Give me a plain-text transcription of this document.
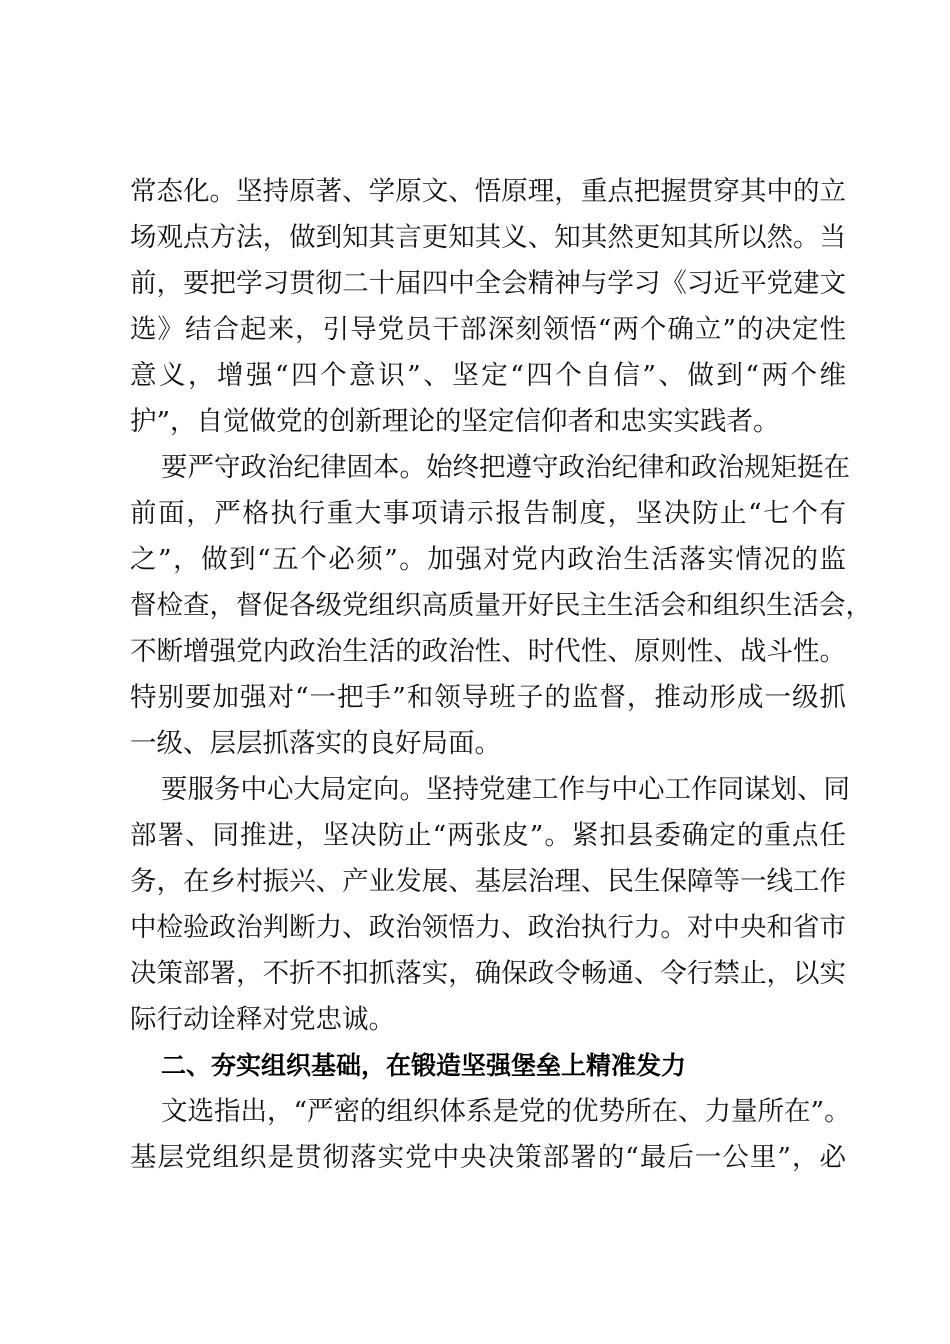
常态化。坚持原著、学原文、悟原理，重点把握贯穿其中的立
场观点方法，做到知其言更知其义、知其然更知其所以然。当
前，要把学习贯彻二十届四中全会精神与学习《习近平党建文
选》结合起来，引导党员干部深刻领悟“两个确立”的决定性
意义，增强“四个意识”、坚定“四个自信”、做到“两个维
护”，自觉做党的创新理论的坚定信仰者和忠实实践者。
要严守政治纪律固本。始终把遵守政治纪律和政治规矩挺在
前面，严格执行重大事项请示报告制度，坚决防止“七个有
之”，做到“五个必须”。加强对党内政治生活落实情况的监
督检查，督促各级党组织高质量开好民主生活会和组织生活会，
不断增强党内政治生活的政治性、时代性、原则性、战斗性。
特别要加强对“一把手”和领导班子的监督，推动形成一级抓
一级、层层抓落实的良好局面。
要服务中心大局定向。坚持党建工作与中心工作同谋划、同
部署、同推进，坚决防止“两张皮”。紧扣县委确定的重点任
务，在乡村振兴、产业发展、基层治理、民生保障等一线工作
中检验政治判断力、政治领悟力、政治执行力。对中央和省市
决策部署，不折不扣抓落实，确保政令畅通、令行禁止，以实
际行动诠释对党忠诚。
二、夯实组织基础，在锻造坚强堡垒上精准发力
文选指出，“严密的组织体系是党的优势所在、力量所在”。
基层党组织是贯彻落实党中央决策部署的“最后一公里”，必
